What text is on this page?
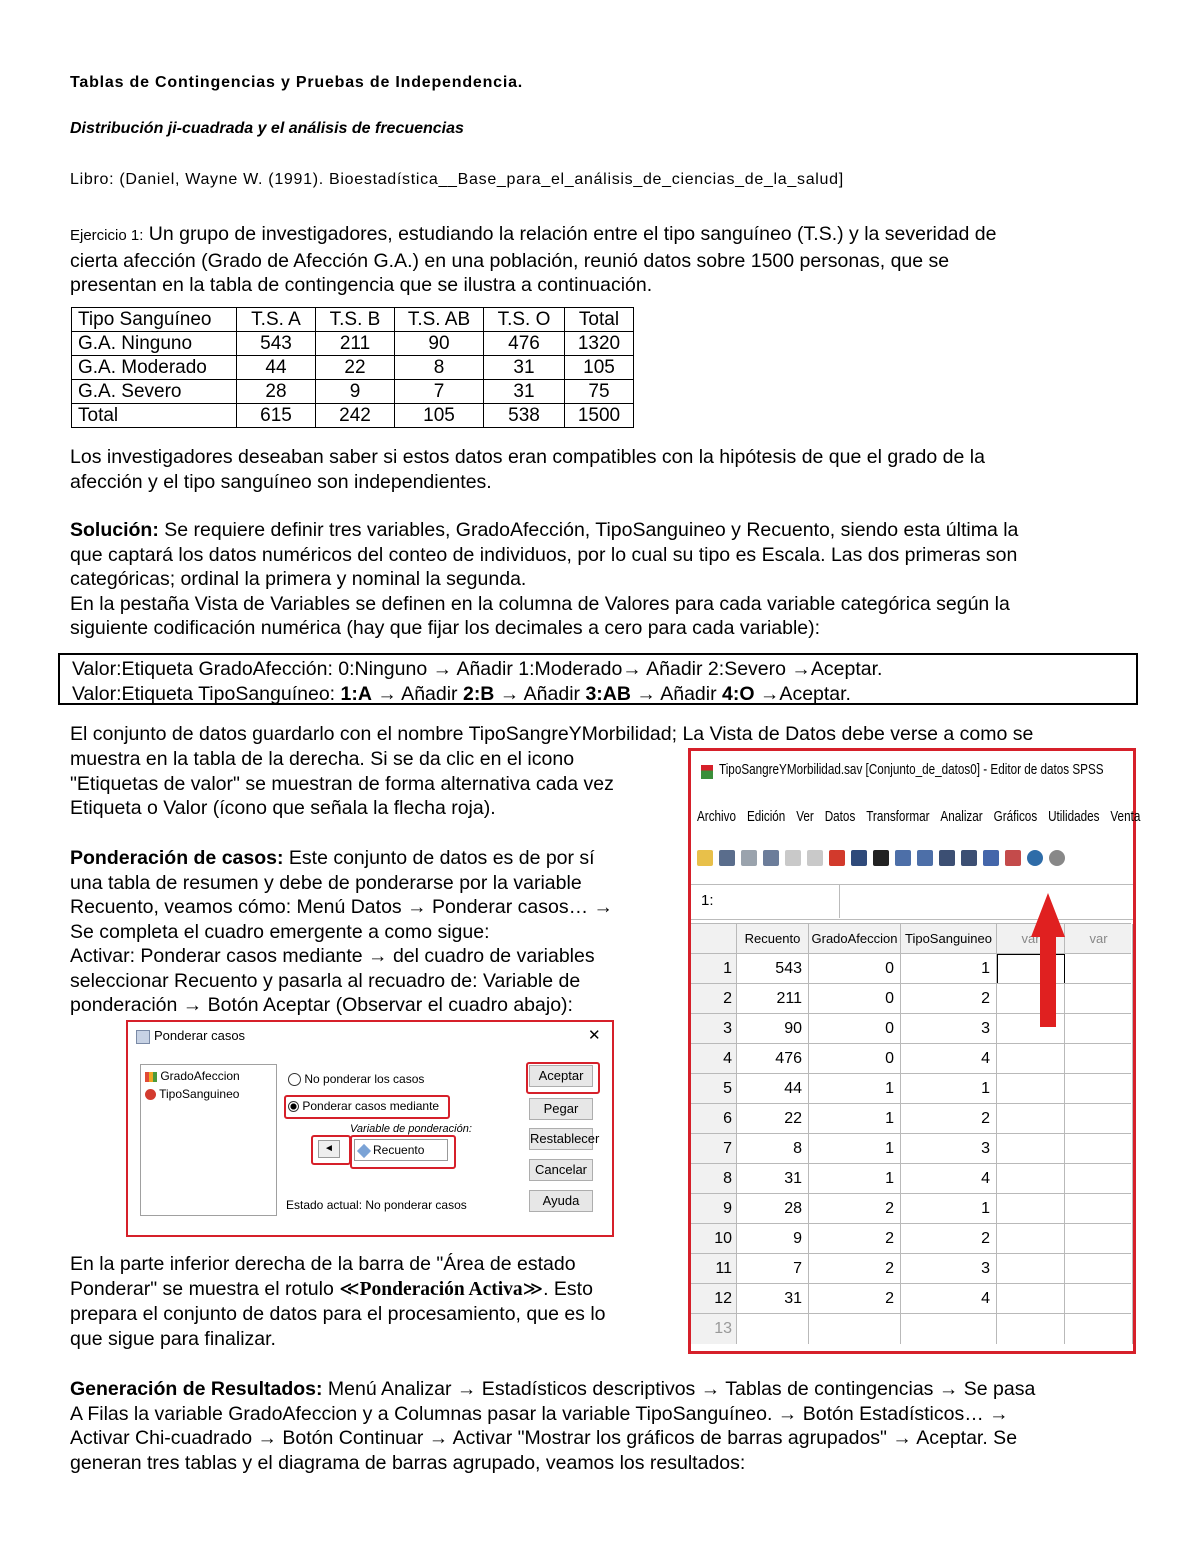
Tablas de Contingencias y Pruebas de Independencia.
Distribución ji-cuadrada y el análisis de frecuencias
Libro: (Daniel, Wayne W. (1991). Bioestadística__Base_para_el_análisis_de_ciencias_de_la_salud]
Ejercicio 1: Un grupo de investigadores, estudiando la relación entre el tipo sanguíneo (T.S.) y la severidad de
cierta afección (Grado de Afección G.A.) en una población, reunió datos sobre 1500 personas, que se
presentan en la tabla de contingencia que se ilustra a continuación.
Tipo Sanguíneo	T.S. A	T.S. B	T.S. AB	T.S. O	Total
G.A. Ninguno	543	211	90	476	1320
G.A. Moderado	44	22	8	31	105
G.A. Severo	28	9	7	31	75
Total	615	242	105	538	1500
Los investigadores deseaban saber si estos datos eran compatibles con la hipótesis de que el grado de la
afección y el tipo sanguíneo son independientes.
Solución: Se requiere definir tres variables, GradoAfección, TipoSanguineo y Recuento, siendo esta última la
que captará los datos numéricos del conteo de individuos, por lo cual su tipo es Escala. Las dos primeras son
categóricas; ordinal la primera y nominal la segunda.
En la pestaña Vista de Variables se definen en la columna de Valores para cada variable categórica según la
siguiente codificación numérica (hay que fijar los decimales a cero para cada variable):
Valor:Etiqueta GradoAfección: 0:Ninguno → Añadir 1:Moderado→ Añadir 2:Severo →Aceptar.
Valor:Etiqueta TipoSanguíneo: 1:A → Añadir 2:B → Añadir 3:AB → Añadir 4:O →Aceptar.
El conjunto de datos guardarlo con el nombre TipoSangreYMorbilidad; La Vista de Datos debe verse a como se
muestra en la tabla de la derecha. Si se da clic en el icono
"Etiquetas de valor" se muestran de forma alternativa cada vez
Etiqueta o Valor (ícono que señala la flecha roja).
Ponderación de casos: Este conjunto de datos es de por sí
una tabla de resumen y debe de ponderarse por la variable
Recuento, veamos cómo: Menú Datos → Ponderar casos… →
Se completa el cuadro emergente a como sigue:
Activar: Ponderar casos mediante → del cuadro de variables
seleccionar Recuento y pasarla al recuadro de: Variable de
ponderación → Botón Aceptar (Observar el cuadro abajo):
Ponderar casos	✕
GradoAfeccion
TipoSanguineo
No ponderar los casos
Ponderar casos mediante
Variable de ponderación:
◄	Recuento
Estado actual: No ponderar casos
Aceptar
Pegar
Restablecer
Cancelar
Ayuda
En la parte inferior derecha de la barra de "Área de estado
Ponderar" se muestra el rotulo ≪Ponderación Activa≫. Esto
prepara el conjunto de datos para el procesamiento, que es lo
que sigue para finalizar.
TipoSangreYMorbilidad.sav [Conjunto_de_datos0] - Editor de datos SPSS
Archivo Edición Ver Datos Transformar Analizar Gráficos Utilidades Venta
1:
Recuento GradoAfeccion TipoSanguineo	var	var
1	543	0	1
2	211	0	2
3	90	0	3
4	476	0	4
5	44	1	1
6	22	1	2
7	8	1	3
8	31	1	4
9	28	2	1
10	9	2	2
11	7	2	3
12	31	2	4
13
Generación de Resultados: Menú Analizar → Estadísticos descriptivos → Tablas de contingencias → Se pasa
A Filas la variable GradoAfeccion y a Columnas pasar la variable TipoSanguíneo. → Botón Estadísticos… →
Activar Chi-cuadrado → Botón Continuar → Activar "Mostrar los gráficos de barras agrupados" → Aceptar. Se
generan tres tablas y el diagrama de barras agrupado, veamos los resultados:
